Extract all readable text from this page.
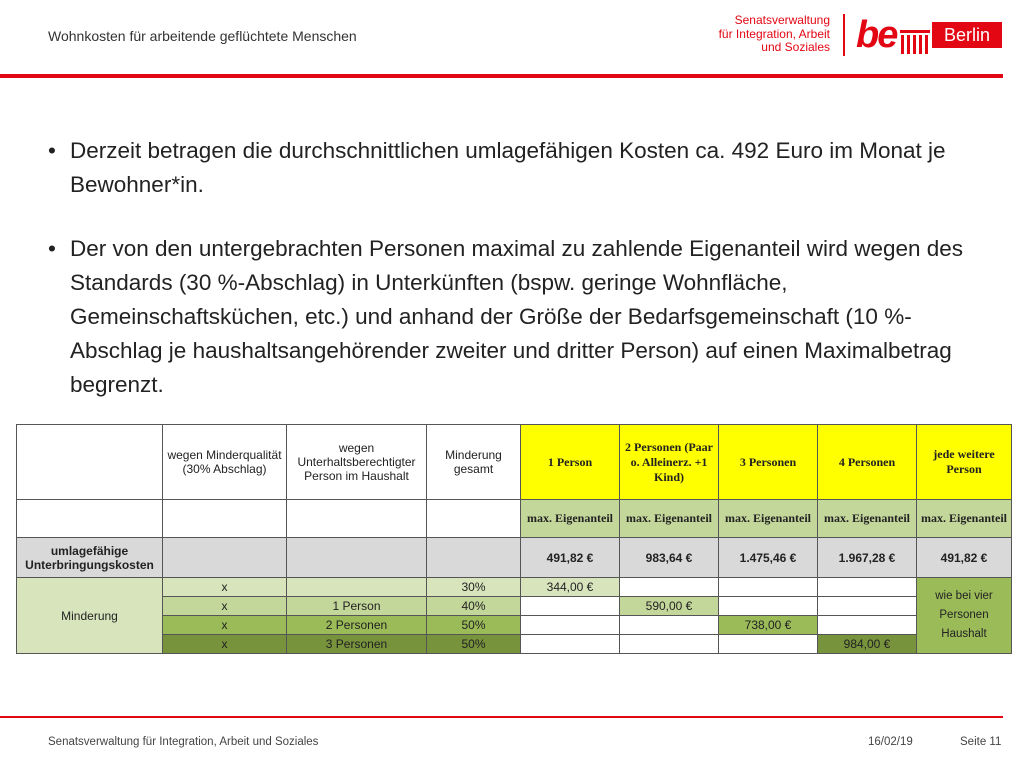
Wohnkosten für arbeitende geflüchtete Menschen
Senatsverwaltung
für Integration, Arbeit
und Soziales be	Berlin
• Derzeit betragen die durchschnittlichen umlagefähigen Kosten ca. 492 Euro im Monat je Bewohner*in.
• Der von den untergebrachten Personen maximal zu zahlende Eigenanteil wird wegen des Standards (30 %-Abschlag) in Unterkünften (bspw. geringe Wohnfläche, Gemeinschaftsküchen, etc.) und anhand der Größe der Bedarfsgemeinschaft (10 %-Abschlag je haushaltsangehörender zweiter und dritter Person) auf einen Maximalbetrag begrenzt.
	wegen Minderqualität (30% Abschlag)	wegen Unterhaltsberechtigter Person im Haushalt	Minderung gesamt	1 Person	2 Personen (Paar o. Alleinerz. +1 Kind)	3 Personen	4 Personen	jede weitere Person
				max. Eigenanteil	max. Eigenanteil	max. Eigenanteil	max. Eigenanteil	max. Eigenanteil
umlagefähige Unterbringungskosten				491,82 €	983,64 €	1.475,46 €	1.967,28 €	491,82 €
Minderung	x		30%	344,00 €				wie bei vier Personen Haushalt
	x	1 Person	40%		590,00 €			
	x	2 Personen	50%			738,00 €		
	x	3 Personen	50%				984,00 €	
Senatsverwaltung für Integration, Arbeit und Soziales	16/02/19	Seite 11
